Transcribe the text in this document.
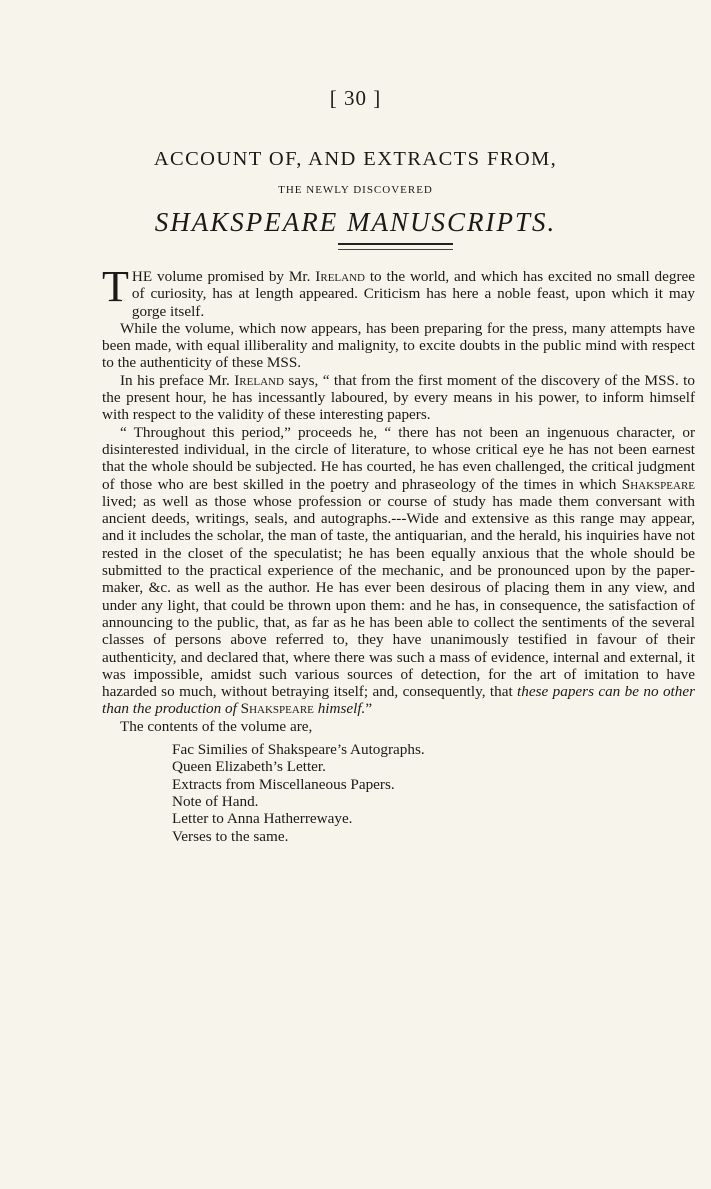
[ 30 ]
ACCOUNT OF, AND EXTRACTS FROM,
THE NEWLY DISCOVERED
SHAKSPEARE MANUSCRIPTS.

THE volume promised by Mr. Ireland to the world, and which has excited no small degree of curiosity, has at length appeared. Criticism has here a noble feast, upon which it may gorge itself.

While the volume, which now appears, has been preparing for the press, many attempts have been made, with equal illiberality and malignity, to excite doubts in the public mind with respect to the authenticity of these MSS.

In his preface Mr. Ireland says, “ that from the first moment of the discovery of the MSS. to the present hour, he has incessantly laboured, by every means in his power, to inform himself with respect to the validity of these interesting papers.

“ Throughout this period,” proceeds he, “ there has not been an ingenuous character, or disinterested individual, in the circle of literature, to whose critical eye he has not been earnest that the whole should be subjected. He has courted, he has even challenged, the critical judgment of those who are best skilled in the poetry and phraseology of the times in which Shakspeare lived; as well as those whose profession or course of study has made them conversant with ancient deeds, writings, seals, and autographs.---Wide and extensive as this range may appear, and it includes the scholar, the man of taste, the antiquarian, and the herald, his inquiries have not rested in the closet of the speculatist; he has been equally anxious that the whole should be submitted to the practical experience of the mechanic, and be pronounced upon by the paper-maker, &c. as well as the author. He has ever been desirous of placing them in any view, and under any light, that could be thrown upon them: and he has, in consequence, the satisfaction of announcing to the public, that, as far as he has been able to collect the sentiments of the several classes of persons above referred to, they have unanimously testified in favour of their authenticity, and declared that, where there was such a mass of evidence, internal and external, it was impossible, amidst such various sources of detection, for the art of imitation to have hazarded so much, without betraying itself; and, consequently, that these papers can be no other than the production of Shakspeare himself.”

The contents of the volume are,

Fac Similies of Shakspeare’s Autographs.
Queen Elizabeth’s Letter.
Extracts from Miscellaneous Papers.
Note of Hand.
Letter to Anna Hatherrewaye.
Verses to the same.
